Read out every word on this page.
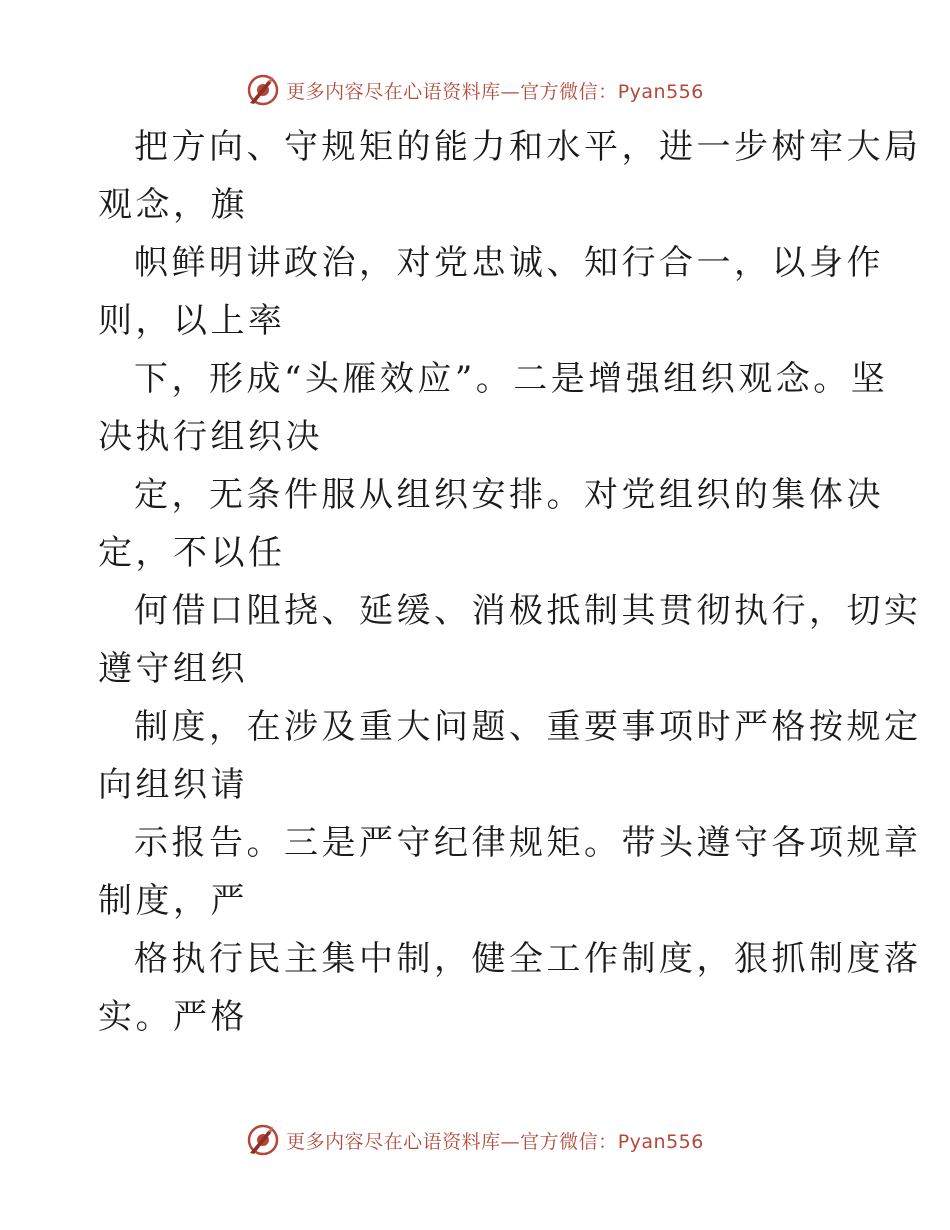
更多内容尽在心语资料库—官方微信：Pyan556
把方向、守规矩的能力和水平，进一步树牢大局
观念，旗
帜鲜明讲政治，对党忠诚、知行合一，以身作
则，以上率
下，形成“头雁效应”。二是增强组织观念。坚
决执行组织决
定，无条件服从组织安排。对党组织的集体决
定，不以任
何借口阻挠、延缓、消极抵制其贯彻执行，切实
遵守组织
制度，在涉及重大问题、重要事项时严格按规定
向组织请
示报告。三是严守纪律规矩。带头遵守各项规章
制度，严
格执行民主集中制，健全工作制度，狠抓制度落
实。严格
更多内容尽在心语资料库—官方微信：Pyan556
